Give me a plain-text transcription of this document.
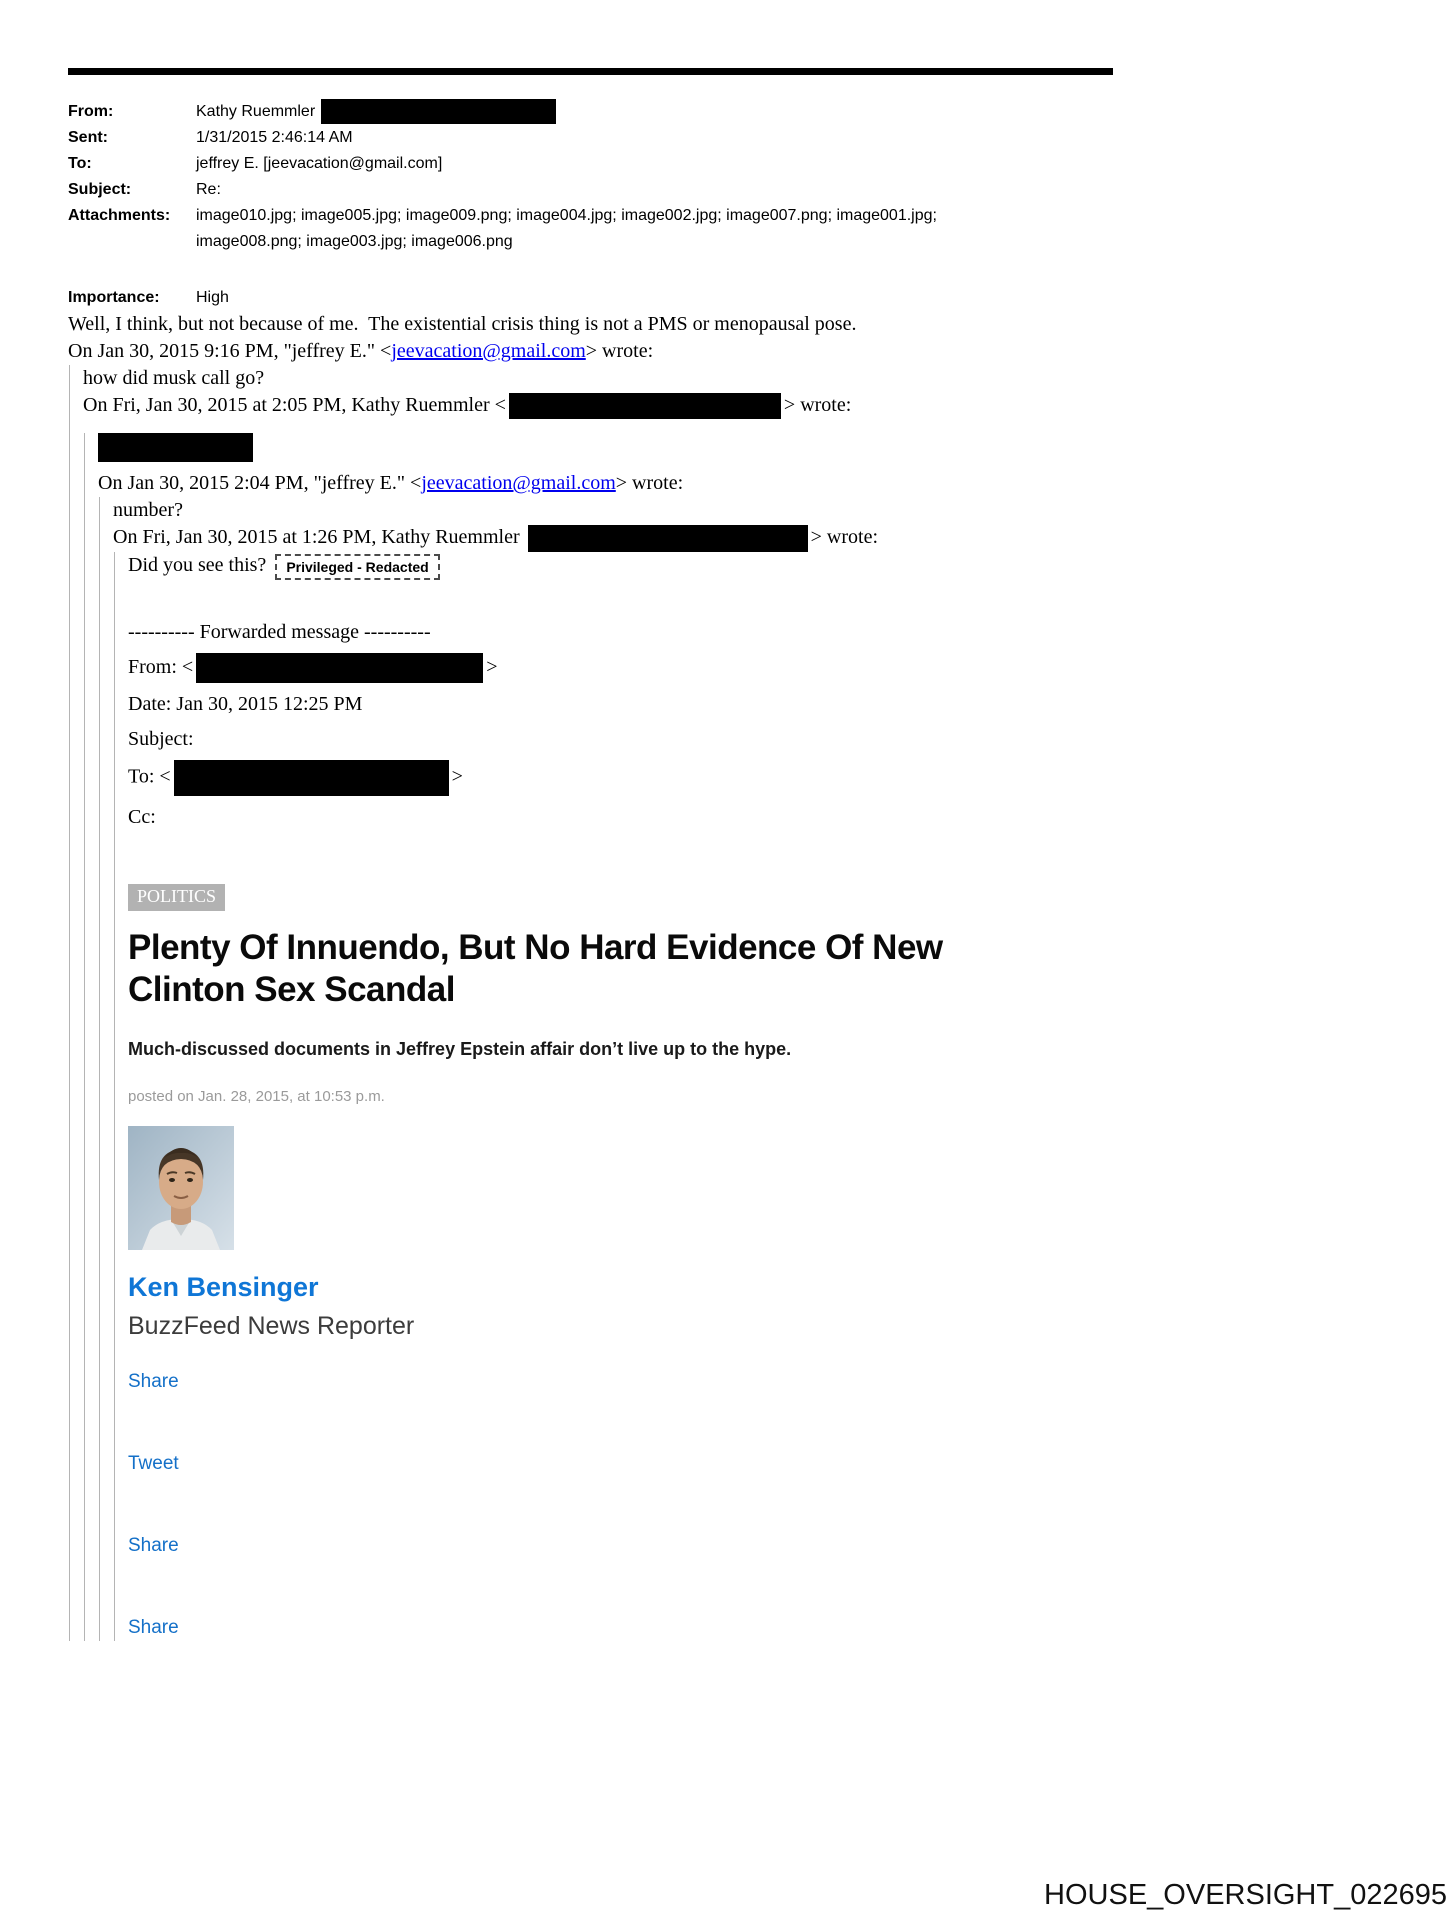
From:	Kathy Ruemmler
Sent:	1/31/2015 2:46:14 AM
To:	jeffrey E. [jeevacation@gmail.com]
Subject:	Re:
Attachments:	image010.jpg; image005.jpg; image009.png; image004.jpg; image002.jpg; image007.png; image001.jpg; image008.png; image003.jpg; image006.png
Importance:	High

Well, I think, but not because of me.  The existential crisis thing is not a PMS or menopausal pose.

On Jan 30, 2015 9:16 PM, "jeffrey E." <jeevacation@gmail.com> wrote:

how did musk call go?

On Fri, Jan 30, 2015 at 2:05 PM, Kathy Ruemmler <	> wrote:

On Jan 30, 2015 2:04 PM, "jeffrey E." <jeevacation@gmail.com> wrote:

number?

On Fri, Jan 30, 2015 at 1:26 PM, Kathy Ruemmler	> wrote:

Did you see this? Privileged - Redacted

---------- Forwarded message ----------

From: <	>

Date: Jan 30, 2015 12:25 PM

Subject:

To: <	>

Cc:

POLITICS
Plenty Of Innuendo, But No Hard Evidence Of New Clinton Sex Scandal
Much-discussed documents in Jeffrey Epstein affair don’t live up to the hype.
posted on Jan. 28, 2015, at 10:53 p.m.
Ken Bensinger
BuzzFeed News Reporter
Share
Tweet
Share
Share
HOUSE_OVERSIGHT_022695
